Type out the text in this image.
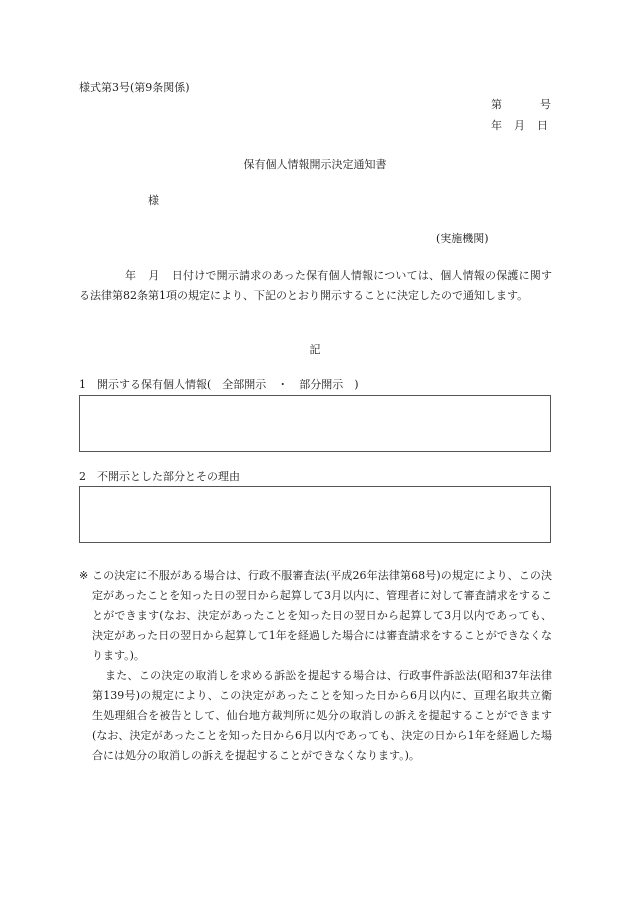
様式第3号(第9条関係)
第	号
年 月 日
保有個人情報開示決定通知書
様
(実施機関)
年 月 日付けで開示請求のあった保有個人情報については、個人情報の保護に関する法律第82条第1項の規定により、下記のとおり開示することに決定したので通知します。
記
1　開示する保有個人情報(　全部開示　・　部分開示　)
2　不開示とした部分とその理由
※ この決定に不服がある場合は、行政不服審査法(平成26年法律第68号)の規定により、この決定があったことを知った日の翌日から起算して3月以内に、管理者に対して審査請求をすることができます(なお、決定があったことを知った日の翌日から起算して3月以内であっても、決定があった日の翌日から起算して1年を経過した場合には審査請求をすることができなくなります。)。

また、この決定の取消しを求める訴訟を提起する場合は、行政事件訴訟法(昭和37年法律第139号)の規定により、この決定があったことを知った日から6月以内に、亘理名取共立衛生処理組合を被告として、仙台地方裁判所に処分の取消しの訴えを提起することができます(なお、決定があったことを知った日から6月以内であっても、決定の日から1年を経過した場合には処分の取消しの訴えを提起することができなくなります。)。
